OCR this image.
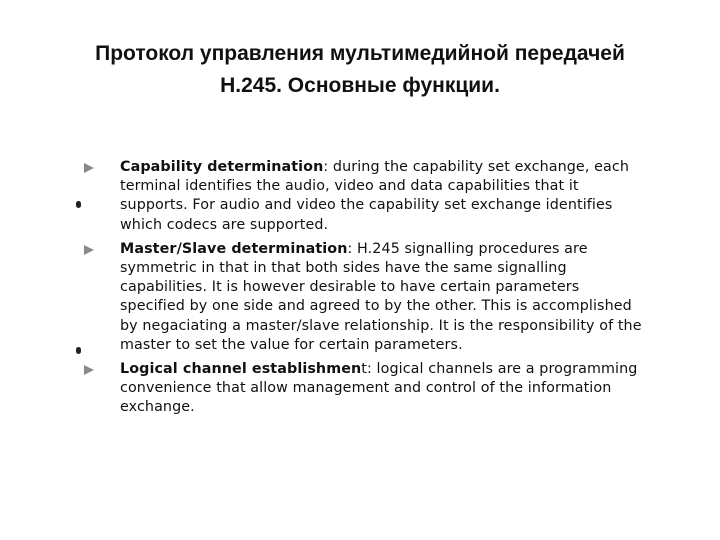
Протокол управления мультимедийной передачей
H.245. Основные функции.
Capability determination: during the capability set exchange, each terminal identifies the audio, video and data capabilities that it supports. For audio and video the capability set exchange identifies which codecs are supported.
Master/Slave determination: H.245 signalling procedures are symmetric in that in that both sides have the same signalling capabilities. It is however desirable to have certain parameters specified by one side and agreed to by the other. This is accomplished by negaciating a master/slave relationship. It is the responsibility of the master to set the value for certain parameters.
Logical channel establishment: logical channels are a programming convenience that allow management and control of the information exchange.
